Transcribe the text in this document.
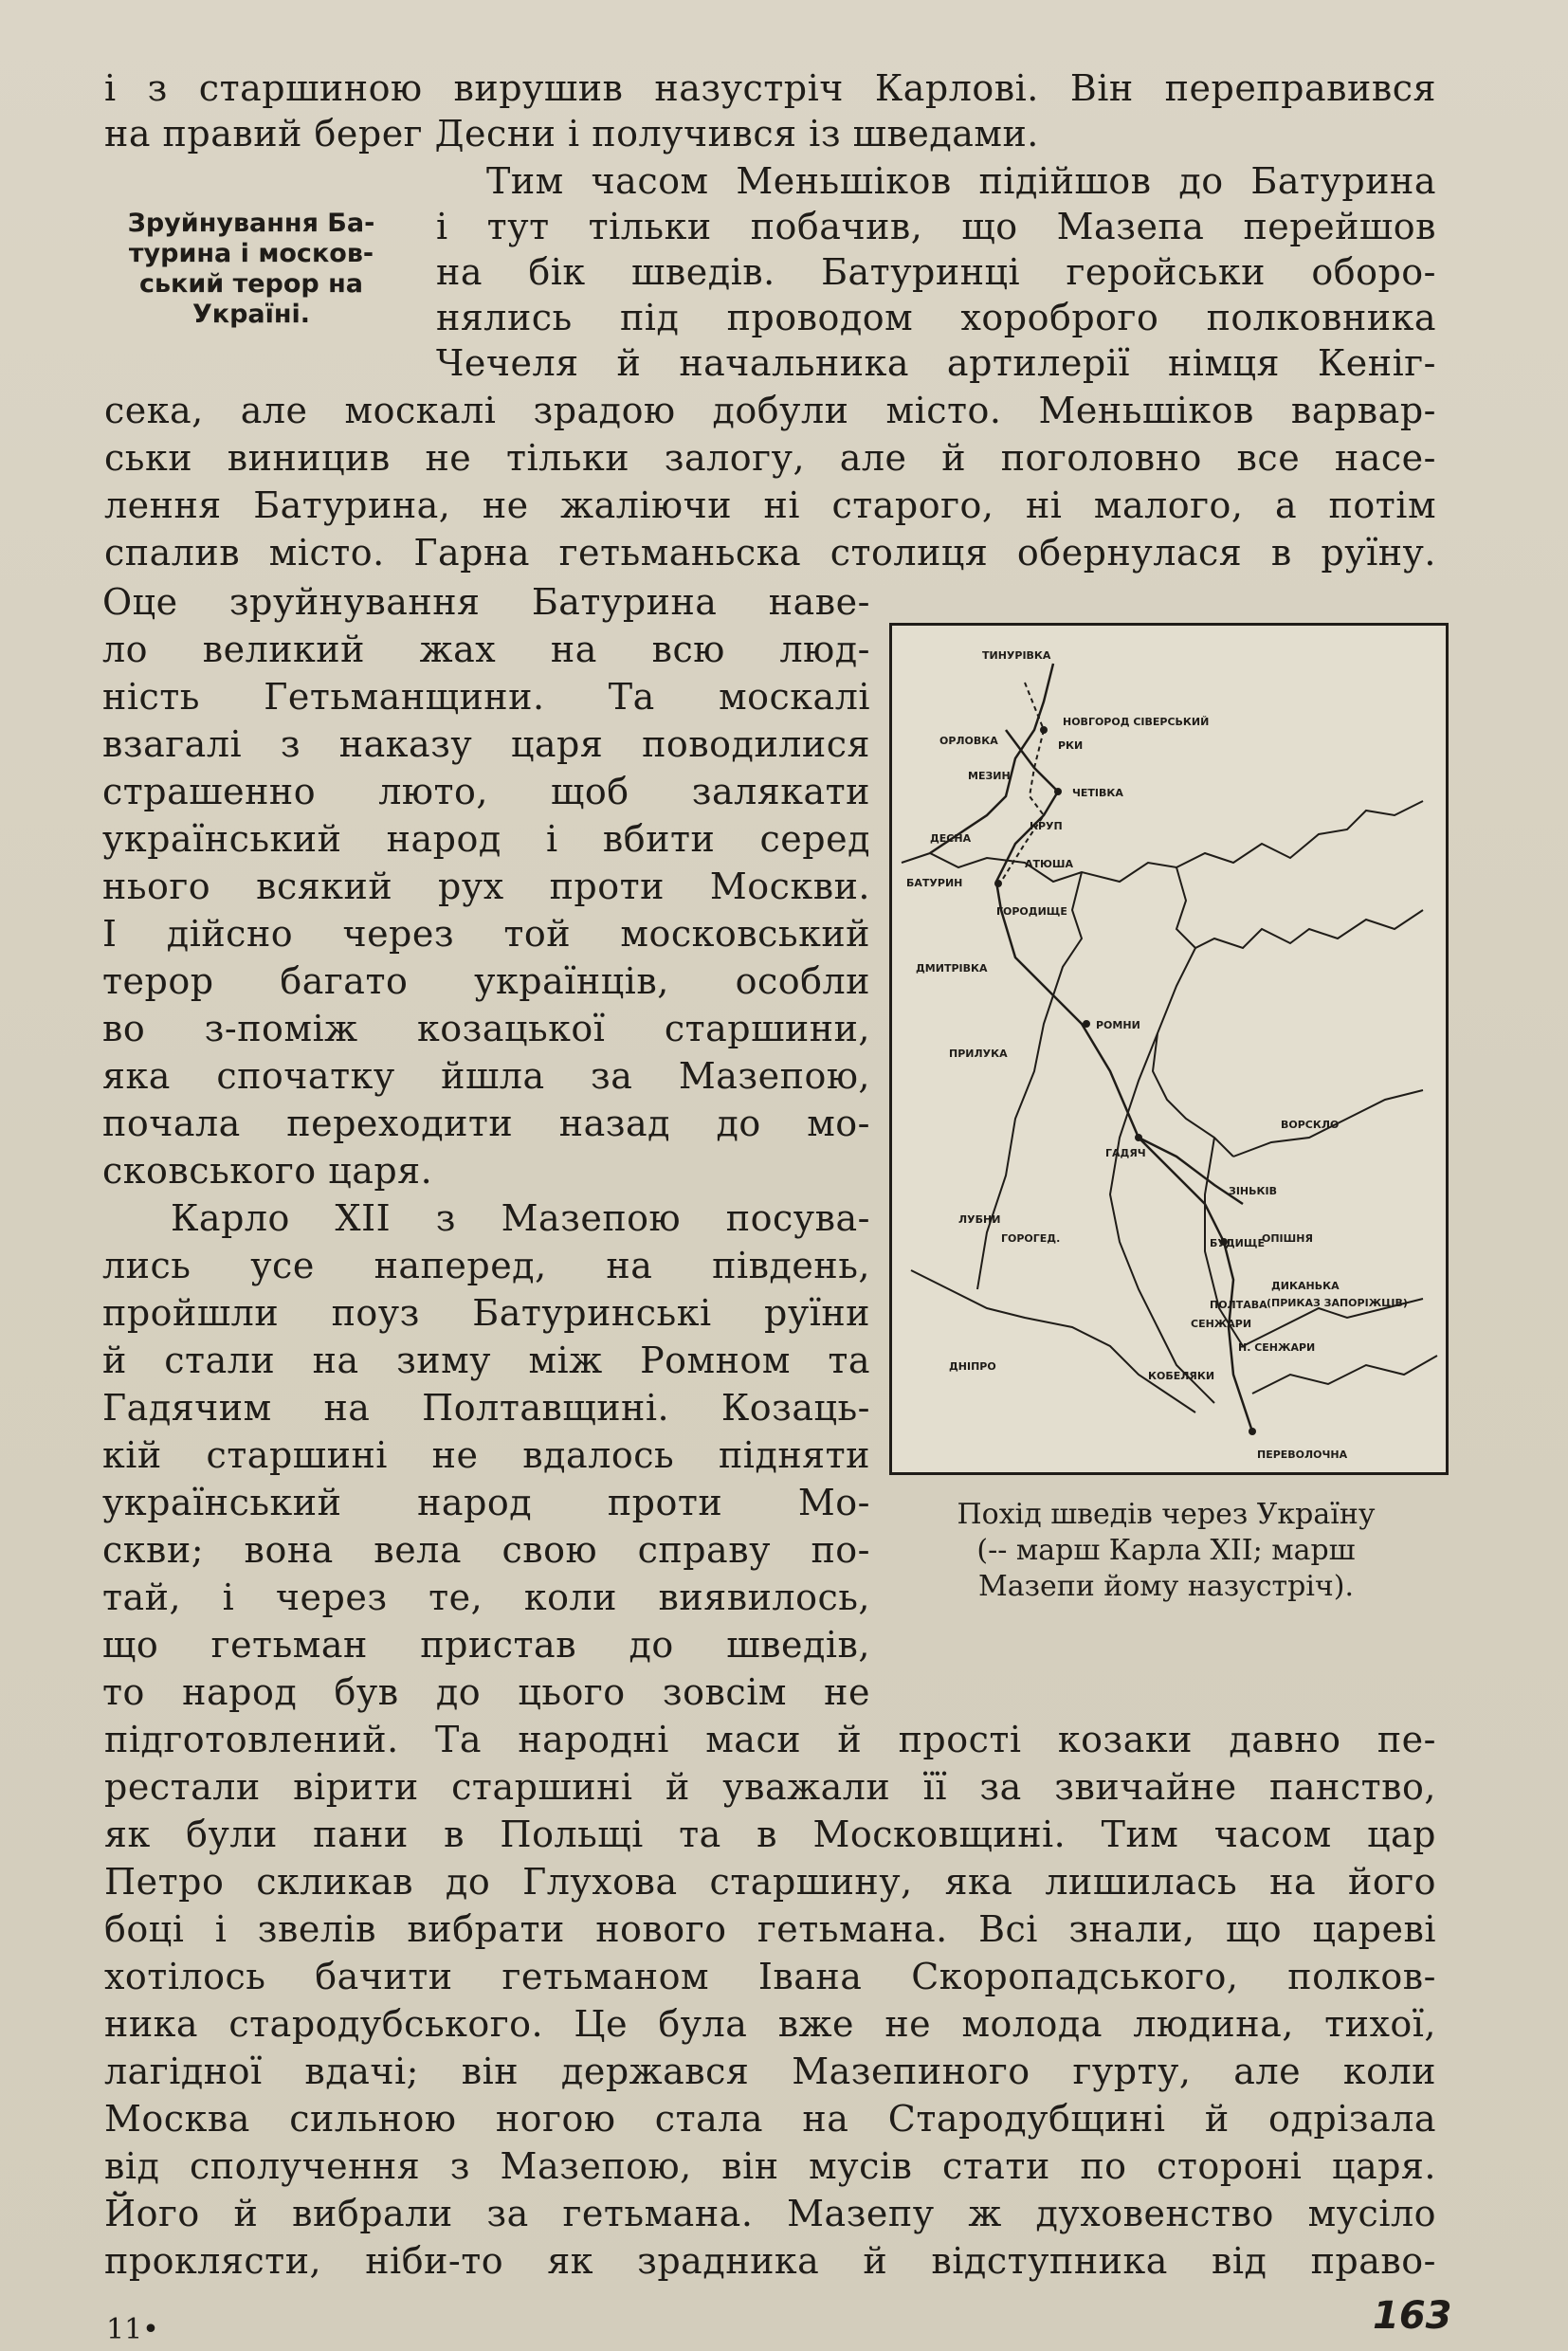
і з старшиною вирушив назустріч Карлові. Він переправився
на правий берег Десни і получився із шведами.
Зруйнування Ба-
турина і москов-
ський терор на
Україні.
Тим часом Меньшіков підійшов до Батурина
і тут тільки побачив, що Мазепа перейшов
на бік шведів. Батуринці геройськи оборо-
нялись під проводом хороброго полковника
Чечеля й начальника артилерії німця Кеніг-
сека, але москалі зрадою добули місто. Меньшіков варвар-
ськи виницив не тільки залогу, але й поголовно все насе-
лення Батурина, не жаліючи ні старого, ні малого, а потім
спалив місто. Гарна гетьманьска столиця обернулася в руїну.
Оце зруйнування Батурина наве-
ло великий жах на всю люд-
ність Гетьманщини. Та москалі
взагалі з наказу царя поводилися
страшенно люто, щоб залякати
український народ і вбити серед
нього всякий рух проти Москви.
І дійсно через той московський
терор багато українців, особли
во з-поміж козацької старшини,
яка спочатку йшла за Мазепою,
почала переходити назад до мо-
сковського царя.
Карло XII з Мазепою посува-
лись усе наперед, на південь,
пройшли поуз Батуринські руїни
й стали на зиму між Ромном та
Гадячим на Полтавщині. Козаць-
кій старшині не вдалось підняти
український народ проти Мо-
скви; вона вела свою справу по-
тай, і через те, коли виявилось,
що гетьман пристав до шведів,
то народ був до цього зовсім не
ТИНУРІВКА
НОВГОРОД СІВЕРСЬКИЙ
ОРЛОВКА	РКИ
МЕЗИН
ЧЕТІВКА
ДЕСНА
КРУП
АТЮША
БАТУРИН
ГОРОДИЩЕ
ДМИТРІВКА
РОМНИ
ПРИЛУКА
ГАДЯЧ
ВОРСКЛО
ЗІНЬКІВ
ЛУБНИ
ГОРОГЕД.	БУДИЩЕ
ОПІШНЯ
ПОЛТАВА
СЕНЖАРИ
ДИКАНЬКА
(ПРИКАЗ ЗАПОРІЖЦІВ)
Н. СЕНЖАРИ
КОБЕЛЯКИ
ДНІПРО
ПЕРЕВОЛОЧНА
Похід шведів через Україну
(-- марш Карла XII; марш
Мазепи йому назустріч).
підготовлений. Та народні маси й прості козаки давно пе-
рестали вірити старшині й уважали її за звичайне панство,
як були пани в Польщі та в Московщині. Тим часом цар
Петро скликав до Глухова старшину, яка лишилась на його
боці і звелів вибрати нового гетьмана. Всі знали, що цареві
хотілось бачити гетьманом Івана Скоропадського, полков-
ника стародубського. Це була вже не молода людина, тихої,
лагідної вдачі; він держався Мазепиного гурту, але коли
Москва сильною ногою стала на Стародубщині й одрізала
від сполучення з Мазепою, він мусів стати по стороні царя.
Його й вибрали за гетьмана. Мазепу ж духовенство мусіло
проклясти, ніби-то як зрадника й відступника від право-
11•	163
